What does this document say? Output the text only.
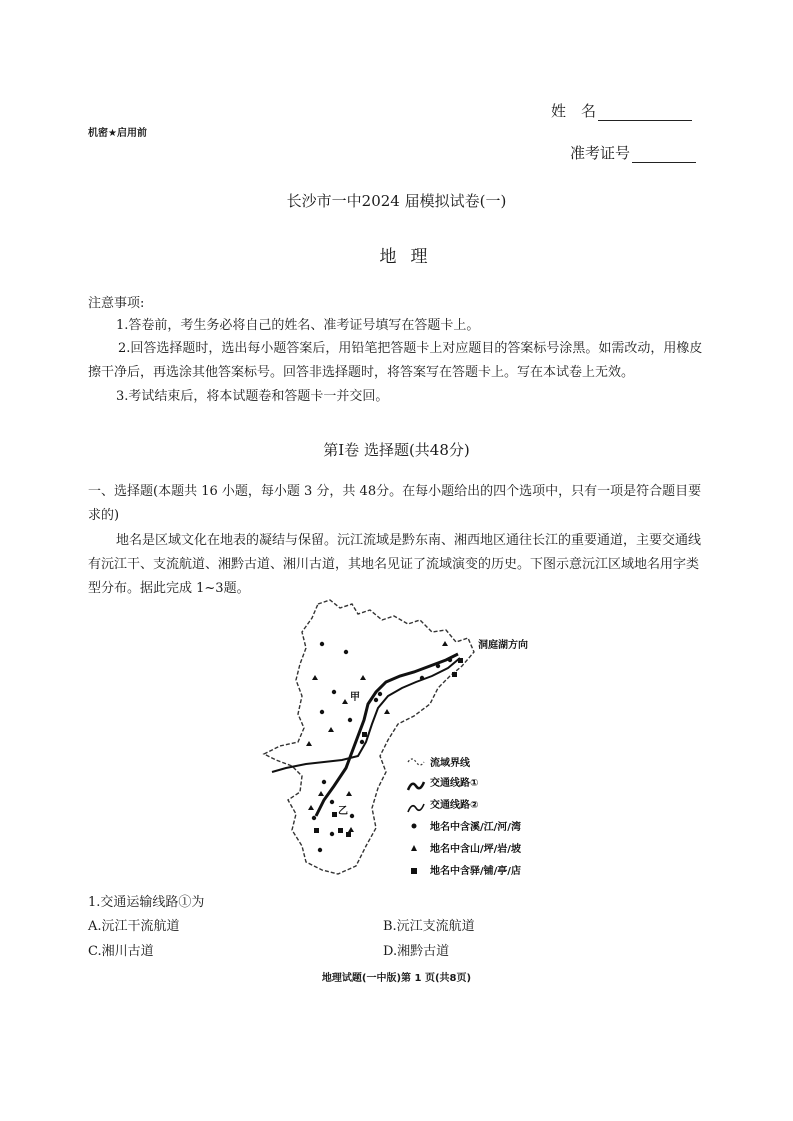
姓　名
机密★启用前
准考证号
长沙市一中2024 届模拟试卷(一)
地理
注意事项:
1.答卷前，考生务必将自己的姓名、准考证号填写在答题卡上。
2.回答选择题时，选出每小题答案后，用铅笔把答题卡上对应题目的答案标号涂黑。如需改动，用橡皮擦干净后，再选涂其他答案标号。回答非选择题时，将答案写在答题卡上。写在本试卷上无效。
3.考试结束后，将本试题卷和答题卡一并交回。
第Ⅰ卷 选择题(共48分)
一、选择题(本题共 16 小题，每小题 3 分，共 48分。在每小题给出的四个选项中，只有一项是符合题目要求的)
地名是区域文化在地表的凝结与保留。沅江流域是黔东南、湘西地区通往长江的重要通道，主要交通线有沅江干、支流航道、湘黔古道、湘川古道，其地名见证了流域演变的历史。下图示意沅江区域地名用字类型分布。据此完成 1~3题。
洞庭湖方向
甲
乙
流域界线
交通线路①
交通线路②
地名中含溪/江/河/湾
地名中含山/坪/岩/坡
地名中含驿/铺/亭/店
1.交通运输线路①为
A.沅江干流航道	B.沅江支流航道
C.湘川古道	D.湘黔古道
地理试题(一中版)第 1 页(共8页)
